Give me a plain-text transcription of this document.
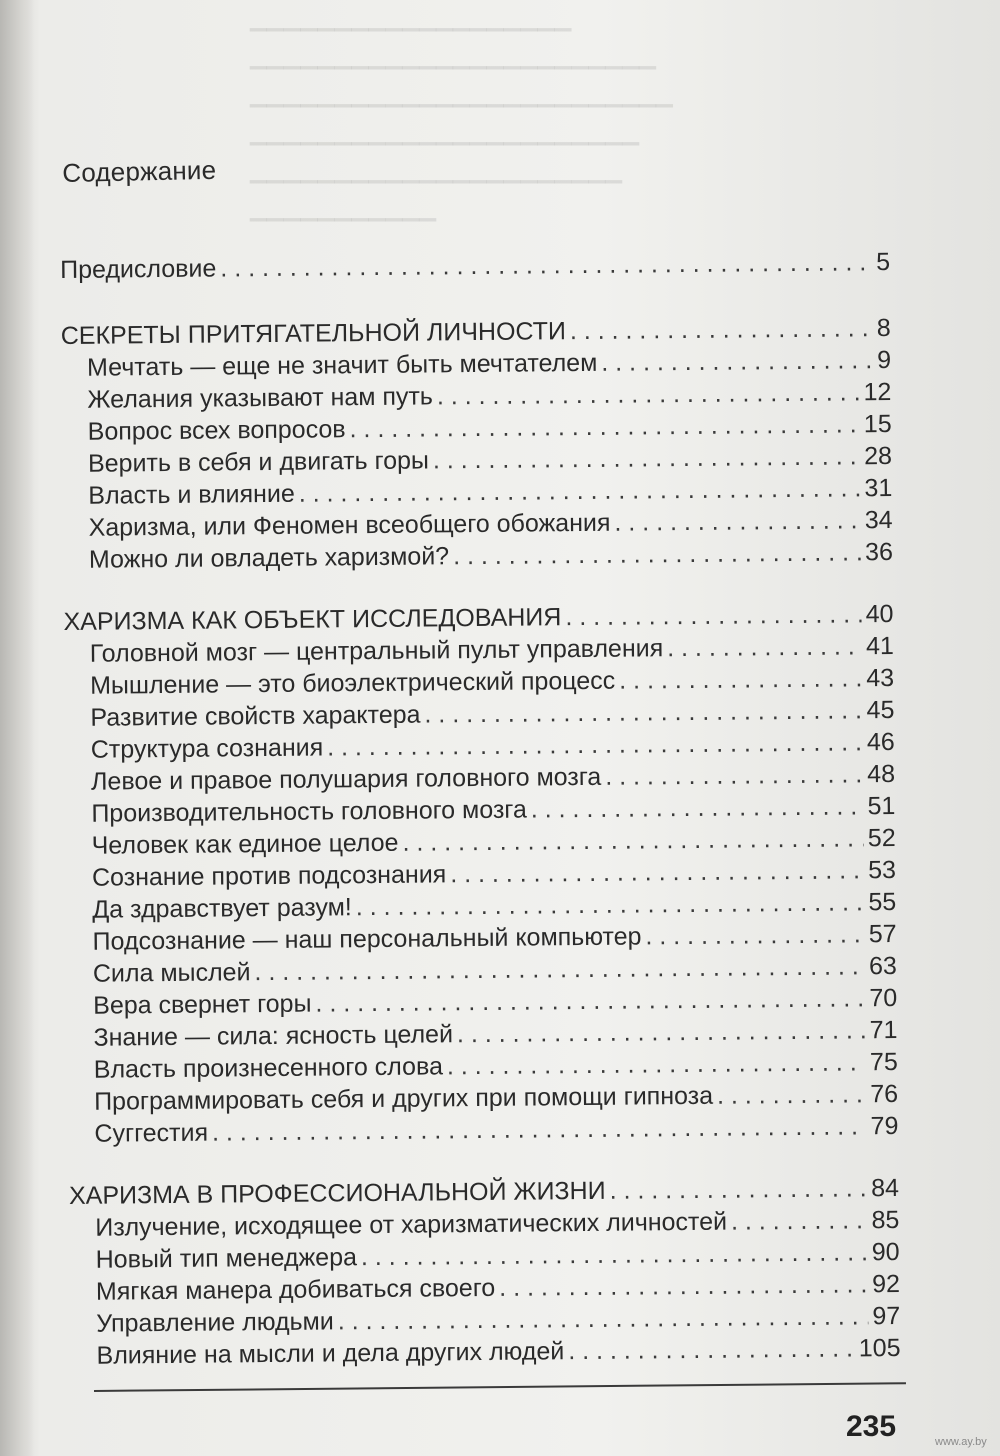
▁▁▁▁▁▁▁▁▁▁▁▁▁▁▁▁▁▁▁
▁▁▁▁▁▁▁▁▁▁▁▁▁▁▁▁▁▁▁▁▁▁▁▁
▁▁▁▁▁▁▁▁▁▁▁▁▁▁▁▁▁▁▁▁▁▁▁▁▁
▁▁▁▁▁▁▁▁▁▁▁▁▁▁▁▁▁▁▁▁▁▁▁
▁▁▁▁▁▁▁▁▁▁▁▁▁▁▁▁▁▁▁▁▁▁
▁▁▁▁▁▁▁▁▁▁▁
Содержание
Предисловие . . .	5
СЕКРЕТЫ ПРИТЯГАТЕЛЬНОЙ ЛИЧНОСТИ . . .	8
Мечтать — еще не значит быть мечтателем . . .	9
Желания указывают нам путь . . .	12
Вопрос всех вопросов . . .	15
Верить в себя и двигать горы . . .	28
Власть и влияние . . .	31
Харизма, или Феномен всеобщего обожания . . .	34
Можно ли овладеть харизмой? . . .	36
ХАРИЗМА КАК ОБЪЕКТ ИССЛЕДОВАНИЯ . . .	40
Головной мозг — центральный пульт управления . . .	41
Мышление — это биоэлектрический процесс . . .	43
Развитие свойств характера . . .	45
Структура сознания . . .	46
Левое и правое полушария головного мозга . . .	48
Производительность головного мозга . . .	51
Человек как единое целое . . .	52
Сознание против подсознания . . .	53
Да здравствует разум! . . .	55
Подсознание — наш персональный компьютер . . .	57
Сила мыслей . . .	63
Вера свернет горы . . .	70
Знание — сила: ясность целей . . .	71
Власть произнесенного слова . . .	75
Программировать себя и других при помощи гипноза . . .	76
Суггестия . . .	79
ХАРИЗМА В ПРОФЕССИОНАЛЬНОЙ ЖИЗНИ . . .	84
Излучение, исходящее от харизматических личностей . . .	85
Новый тип менеджера . . .	90
Мягкая манера добиваться своего . . .	92
Управление людьми . . .	97
Влияние на мысли и дела других людей . . .	105
235	www.ay.by
